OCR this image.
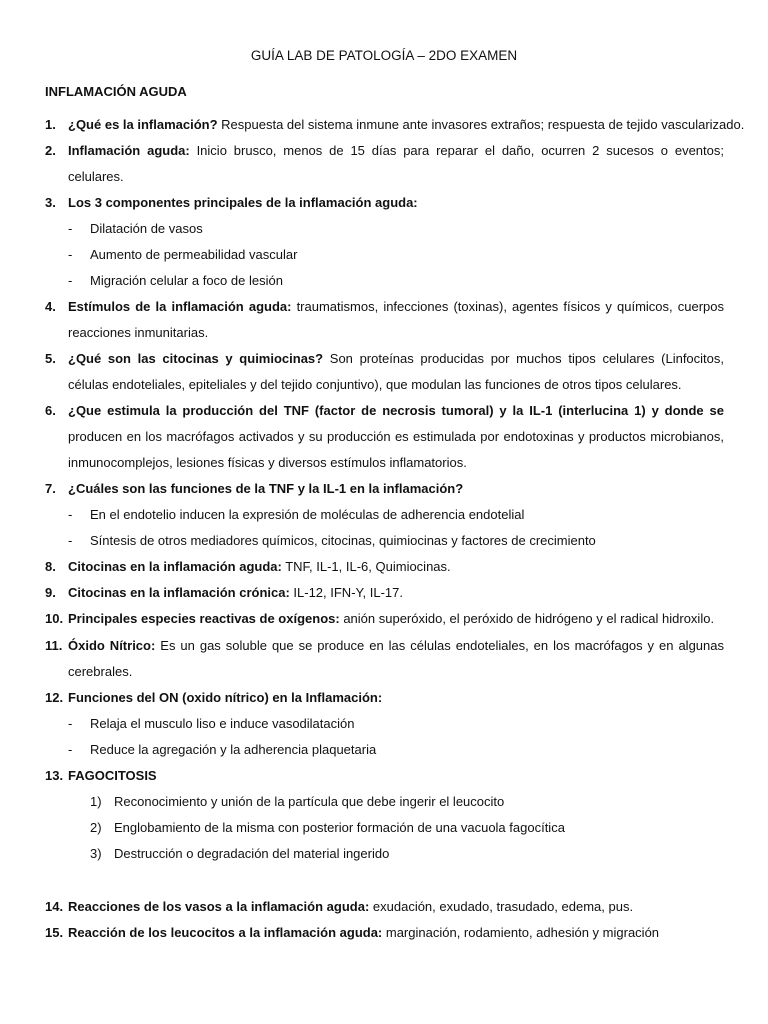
GUÍA LAB DE PATOLOGÍA – 2DO EXAMEN
INFLAMACIÓN AGUDA
1. ¿Qué es la inflamación? Respuesta del sistema inmune ante invasores extraños; respuesta de tejido vascularizado.
2. Inflamación aguda: Inicio brusco, menos de 15 días para reparar el daño, ocurren 2 sucesos o eventos;
celulares.
3. Los 3 componentes principales de la inflamación aguda:
- Dilatación de vasos
- Aumento de permeabilidad vascular
- Migración celular a foco de lesión
4. Estímulos de la inflamación aguda: traumatismos, infecciones (toxinas), agentes físicos y químicos, cuerpos
reacciones inmunitarias.
5. ¿Qué son las citocinas y quimiocinas? Son proteínas producidas por muchos tipos celulares (Linfocitos,
células endoteliales, epiteliales y del tejido conjuntivo), que modulan las funciones de otros tipos celulares.
6. ¿Que estimula la producción del TNF (factor de necrosis tumoral) y la IL-1 (interlucina 1) y donde se
producen en los macrófagos activados y su producción es estimulada por endotoxinas y productos microbianos,
inmunocomplejos, lesiones físicas y diversos estímulos inflamatorios.
7. ¿Cuáles son las funciones de la TNF y la IL-1 en la inflamación?
- En el endotelio inducen la expresión de moléculas de adherencia endotelial
- Síntesis de otros mediadores químicos, citocinas, quimiocinas y factores de crecimiento
8. Citocinas en la inflamación aguda: TNF, IL-1, IL-6, Quimiocinas.
9. Citocinas en la inflamación crónica: IL-12, IFN-Y, IL-17.
10. Principales especies reactivas de oxígenos: anión superóxido, el peróxido de hidrógeno y el radical hidroxilo.
11. Óxido Nítrico: Es un gas soluble que se produce en las células endoteliales, en los macrófagos y en algunas
cerebrales.
12. Funciones del ON (oxido nítrico) en la Inflamación:
- Relaja el musculo liso e induce vasodilatación
- Reduce la agregación y la adherencia plaquetaria
13. FAGOCITOSIS
1) Reconocimiento y unión de la partícula que debe ingerir el leucocito
2) Englobamiento de la misma con posterior formación de una vacuola fagocítica
3) Destrucción o degradación del material ingerido
14. Reacciones de los vasos a la inflamación aguda: exudación, exudado, trasudado, edema, pus.
15. Reacción de los leucocitos a la inflamación aguda: marginación, rodamiento, adhesión y migración
